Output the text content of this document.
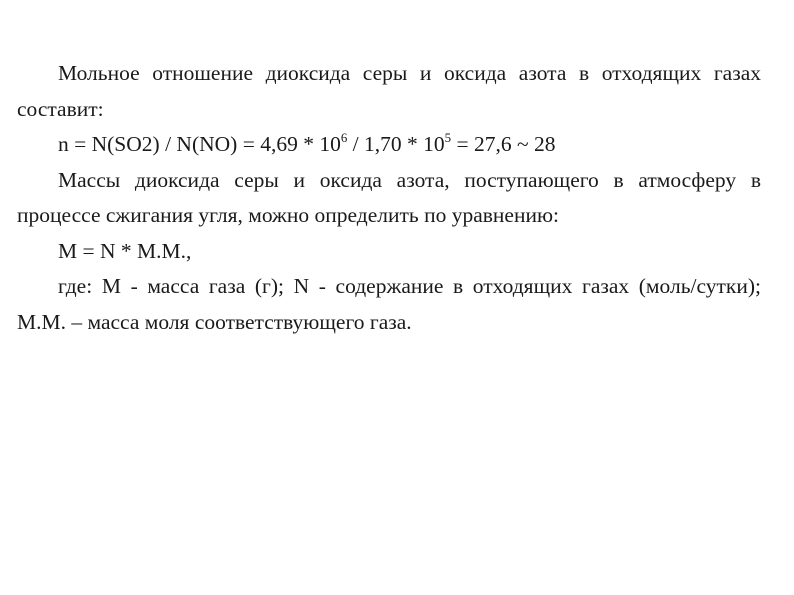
Мольное отношение диоксида серы и оксида азота в отходящих газах составит:

$n = N(SO2) / N(NO) = 4,69 * 10^6 / 1,70 * 10^5 = 27,6$ ~ 28

Массы диоксида серы и оксида азота, поступающего в атмосферу в процессе сжигания угля, можно определить по уравнению:

M = N * M.M.,

где: M - масса газа (г); N - содержание в отходящих газах (моль/сутки); М.М. – масса моля соответствующего газа.
